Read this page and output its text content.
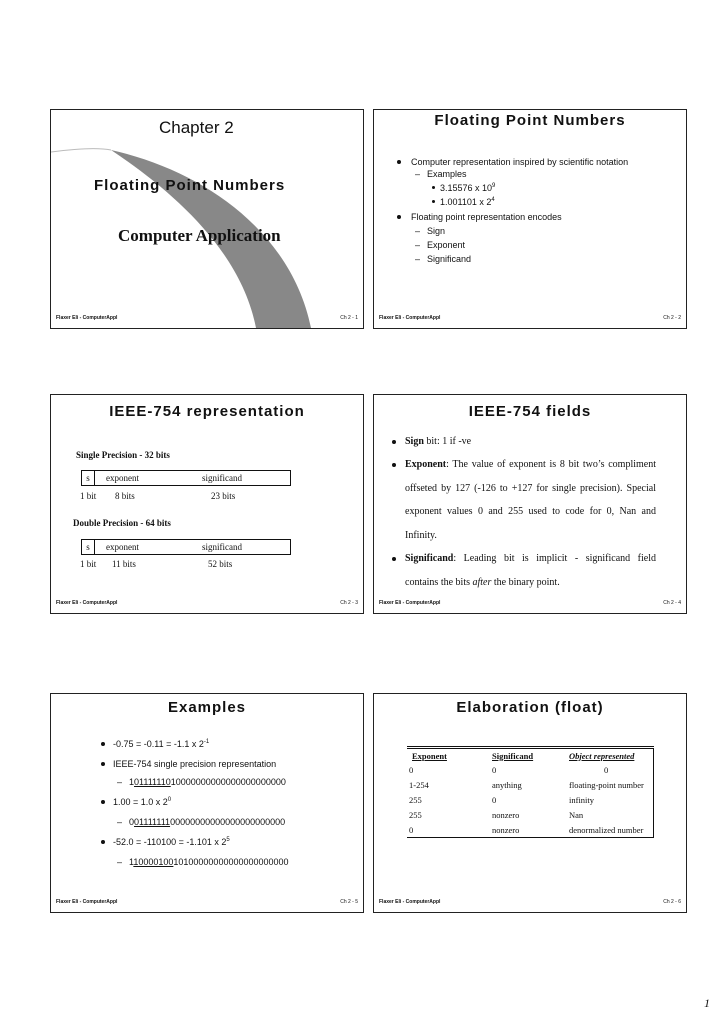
Chapter 2
Floating Point Numbers
Computer Application
Flaxer Eli - ComputerAppl	Ch 2 - 1
Floating Point Numbers
Computer representation inspired by scientific notation
– Examples
3.15576 x $10^9$
1.001101 x $2^4$
Floating point representation encodes
– Sign
– Exponent
– Significand
Flaxer Eli - ComputerAppl	Ch 2 - 2
IEEE-754 representation
Single Precision - 32 bits
s	exponent	significand
1 bit 8 bits	23 bits
Double Precision - 64 bits
s	exponent	significand
1 bit 11 bits	52 bits
Flaxer Eli - ComputerAppl	Ch 2 - 3
IEEE-754 fields
Sign bit: 1 if -ve
Exponent: The value of exponent is 8 bit two’s compliment offseted by 127 (-126 to +127 for single precision). Special exponent values 0 and 255 used to code for 0, Nan and Infinity.
Significand: Leading bit is implicit - significand field contains the bits after the binary point.
Flaxer Eli - ComputerAppl	Ch 2 - 4
Examples
-0.75 = -0.11 = -1.1 x $2^{-1}$
IEEE-754 single precision representation
– 10111111010000000000000000000000
1.00 = 1.0 x $2^0$
– 00111111100000000000000000000000
-52.0 = -110100 = -1.101 x $2^5$
– 11000010010100000000000000000000
Flaxer Eli - ComputerAppl	Ch 2 - 5
Elaboration (float)
Exponent	Significand	Object represented
0	0	0
1-254	anything	floating-point number
255	0	infinity
255	nonzero	Nan
0	nonzero	denormalized number
Flaxer Eli - ComputerAppl	Ch 2 - 6
1
